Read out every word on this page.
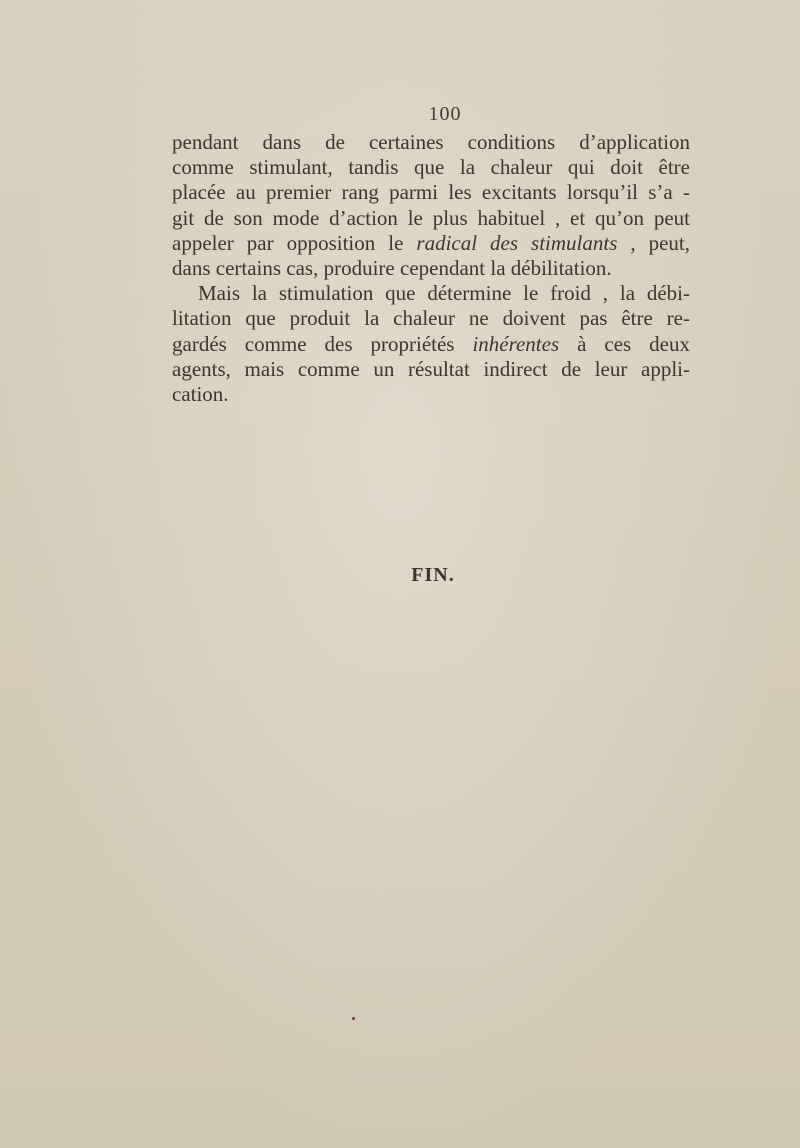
100
pendant dans de certaines conditions d’application
comme stimulant, tandis que la chaleur qui doit être
placée au premier rang parmi les excitants lorsqu’il s’a -
git de son mode d’action le plus habituel , et qu’on peut
appeler par opposition le radical des stimulants , peut,
dans certains cas, produire cependant la débilitation.
Mais la stimulation que détermine le froid , la débi-
litation que produit la chaleur ne doivent pas être re-
gardés comme des propriétés inhérentes à ces deux
agents, mais comme un résultat indirect de leur appli-
cation.
FIN.
